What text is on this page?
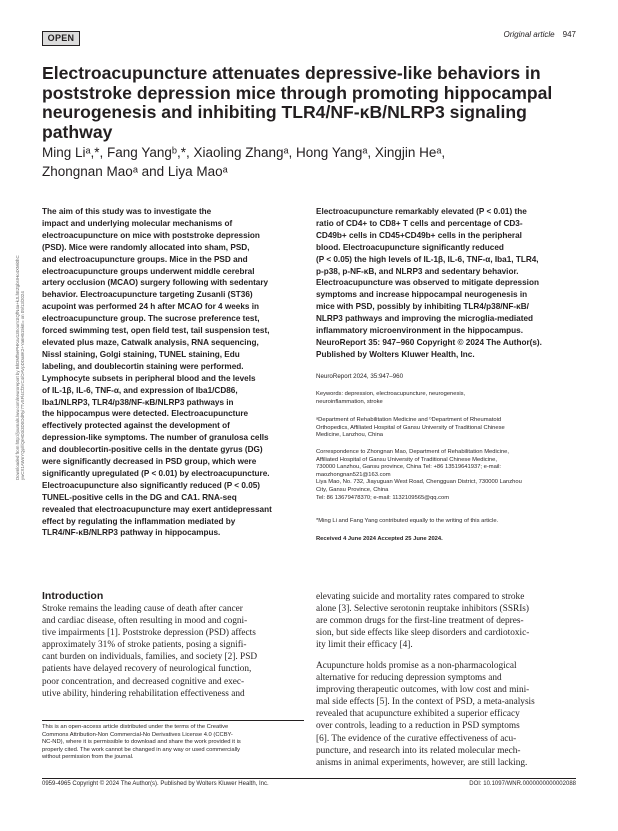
OPEN	Original article 947
Downloaded from http://journals.lww.com/neuroreport by BhDMf5ePHKav1zEoum1tQfN4a+kJLhEZgbsIHo4XMi0hC ywCX1AWnYQp/IlQrHD3i3D0OdRyi7TvSFl4Cf3VC4/OAVpDDa8K2+Ya6H515kE= on 09/13/2024
Electroacupuncture attenuates depressive-like behaviors in
poststroke depression mice through promoting hippocampal
neurogenesis and inhibiting TLR4/NF-κB/NLRP3 signaling
pathway
Ming Liᵃ,*, Fang Yangᵇ,*, Xiaoling Zhangᵃ, Hong Yangᵃ, Xingjin Heᵃ,
Zhongnan Maoᵃ and Liya Maoᵃ
The aim of this study was to investigate the
impact and underlying molecular mechanisms of
electroacupuncture on mice with poststroke depression
(PSD). Mice were randomly allocated into sham, PSD,
and electroacupuncture groups. Mice in the PSD and
electroacupuncture groups underwent middle cerebral
artery occlusion (MCAO) surgery following with sedentary
behavior. Electroacupuncture targeting Zusanli (ST36)
acupoint was performed 24 h after MCAO for 4 weeks in
electroacupuncture group. The sucrose preference test,
forced swimming test, open field test, tail suspension test,
elevated plus maze, Catwalk analysis, RNA sequencing,
Nissl staining, Golgi staining, TUNEL staining, Edu
labeling, and doublecortin staining were performed.
Lymphocyte subsets in peripheral blood and the levels
of IL-1β, IL-6, TNF-α, and expression of Iba1/CD86,
Iba1/NLRP3, TLR4/p38/NF-κB/NLRP3 pathways in
the hippocampus were detected. Electroacupuncture
effectively protected against the development of
depression-like symptoms. The number of granulosa cells
and doublecortin-positive cells in the dentate gyrus (DG)
were significantly decreased in PSD group, which were
significantly upregulated (P < 0.01) by electroacupuncture.
Electroacupuncture also significantly reduced (P < 0.05)
TUNEL-positive cells in the DG and CA1. RNA-seq
revealed that electroacupuncture may exert antidepressant
effect by regulating the inflammation mediated by
TLR4/NF-κB/NLRP3 pathway in hippocampus.
Electroacupuncture remarkably elevated (P < 0.01) the
ratio of CD4+ to CD8+ T cells and percentage of CD3-
CD49b+ cells in CD45+CD49b+ cells in the peripheral
blood. Electroacupuncture significantly reduced
(P < 0.05) the high levels of IL-1β, IL-6, TNF-α, Iba1, TLR4,
p-p38, p-NF-κB, and NLRP3 and sedentary behavior.
Electroacupuncture was observed to mitigate depression
symptoms and increase hippocampal neurogenesis in
mice with PSD, possibly by inhibiting TLR4/p38/NF-κB/
NLRP3 pathways and improving the microglia-mediated
inflammatory microenvironment in the hippocampus.
NeuroReport 35: 947–960 Copyright © 2024 The Author(s).
Published by Wolters Kluwer Health, Inc.
NeuroReport 2024, 35:947–960
Keywords: depression, electroacupuncture, neurogenesis,
neuroinflammation, stroke
ᵃDepartment of Rehabilitation Medicine and ᵇDepartment of Rheumatoid
Orthopedics, Affiliated Hospital of Gansu University of Traditional Chinese
Medicine, Lanzhou, China
Correspondence to Zhongnan Mao, Department of Rehabilitation Medicine,
Affiliated Hospital of Gansu University of Traditional Chinese Medicine,
730000 Lanzhou, Gansu province, China Tel: +86 13519641937; e-mail:
maozhongnan521@163.com
Liya Mao, No. 732, Jiayuguan West Road, Chengguan District, 730000 Lanzhou
City, Gansu Province, China
Tel: 86 13679478370; e-mail: 1132109565@qq.com
*Ming Li and Fang Yang contributed equally to the writing of this article.
Received 4 June 2024 Accepted 25 June 2024.
Introduction
Stroke remains the leading cause of death after cancer
and cardiac disease, often resulting in mood and cogni-
tive impairments [1]. Poststroke depression (PSD) affects
approximately 31% of stroke patients, posing a signifi-
cant burden on individuals, families, and society [2]. PSD
patients have delayed recovery of neurological function,
poor concentration, and decreased cognitive and exec-
utive ability, hindering rehabilitation effectiveness and
elevating suicide and mortality rates compared to stroke
alone [3]. Selective serotonin reuptake inhibitors (SSRIs)
are common drugs for the first-line treatment of depres-
sion, but side effects like sleep disorders and cardiotoxic-
ity limit their efficacy [4].
Acupuncture holds promise as a non-pharmacological
alternative for reducing depression symptoms and
improving therapeutic outcomes, with low cost and mini-
mal side effects [5]. In the context of PSD, a meta-analysis
revealed that acupuncture exhibited a superior efficacy
over controls, leading to a reduction in PSD symptoms
[6]. The evidence of the curative effectiveness of acu-
puncture, and research into its related molecular mech-
anisms in animal experiments, however, are still lacking.
This is an open-access article distributed under the terms of the Creative
Commons Attribution-Non Commercial-No Derivatives License 4.0 (CCBY-
NC-ND), where it is permissible to download and share the work provided it is
properly cited. The work cannot be changed in any way or used commercially
without permission from the journal.
0959-4965 Copyright © 2024 The Author(s). Published by Wolters Kluwer Health, Inc.	DOI: 10.1097/WNR.0000000000002088
